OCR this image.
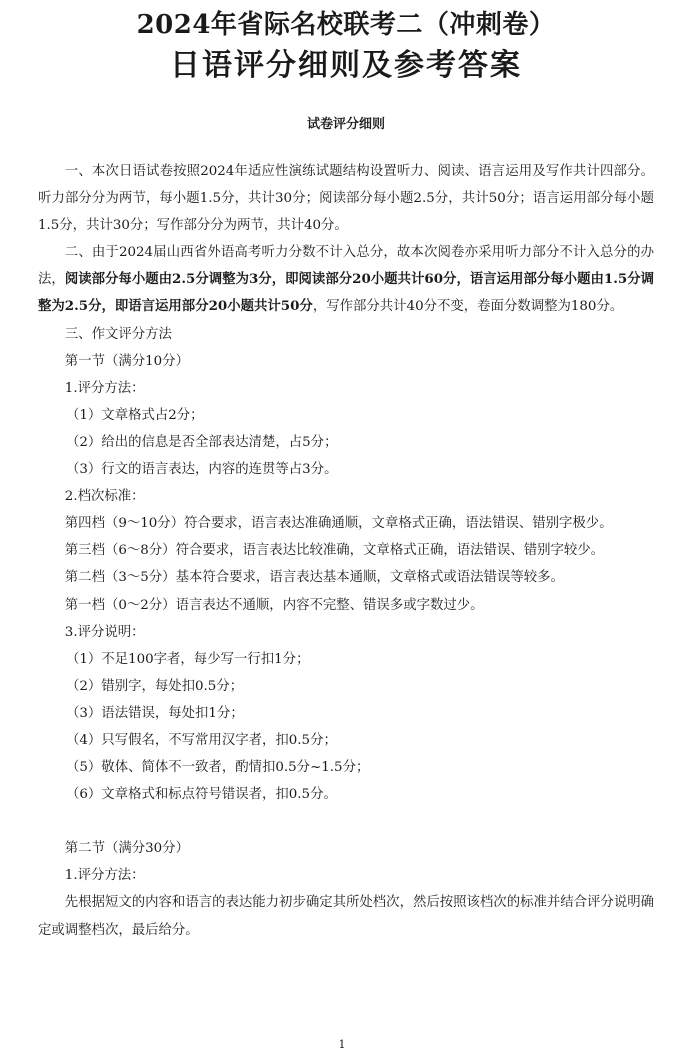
2024年省际名校联考二（冲刺卷）
日语评分细则及参考答案
试卷评分细则

一、本次日语试卷按照2024年适应性演练试题结构设置听力、阅读、语言运用及写作共计四部分。听力部分分为两节，每小题1.5分，共计30分；阅读部分每小题2.5分，共计50分；语言运用部分每小题1.5分，共计30分；写作部分分为两节，共计40分。

二、由于2024届山西省外语高考听力分数不计入总分，故本次阅卷亦采用听力部分不计入总分的办法，阅读部分每小题由2.5分调整为3分，即阅读部分20小题共计60分，语言运用部分每小题由1.5分调整为2.5分，即语言运用部分20小题共计50分，写作部分共计40分不变，卷面分数调整为180分。

三、作文评分方法

第一节（满分10分）

1.评分方法：

（1）文章格式占2分；

（2）给出的信息是否全部表达清楚，占5分；

（3）行文的语言表达，内容的连贯等占3分。

2.档次标准：

第四档（9～10分）符合要求，语言表达准确通顺，文章格式正确，语法错误、错别字极少。

第三档（6～8分）符合要求，语言表达比较准确，文章格式正确，语法错误、错别字较少。

第二档（3～5分）基本符合要求，语言表达基本通顺，文章格式或语法错误等较多。

第一档（0～2分）语言表达不通顺，内容不完整、错误多或字数过少。

3.评分说明：

（1）不足100字者，每少写一行扣1分；

（2）错别字，每处扣0.5分；

（3）语法错误，每处扣1分；

（4）只写假名，不写常用汉字者，扣0.5分；

（5）敬体、简体不一致者，酌情扣0.5分~1.5分；

（6）文章格式和标点符号错误者，扣0.5分。

第二节（满分30分）

1.评分方法：

先根据短文的内容和语言的表达能力初步确定其所处档次，然后按照该档次的标准并结合评分说明确定或调整档次，最后给分。

1
